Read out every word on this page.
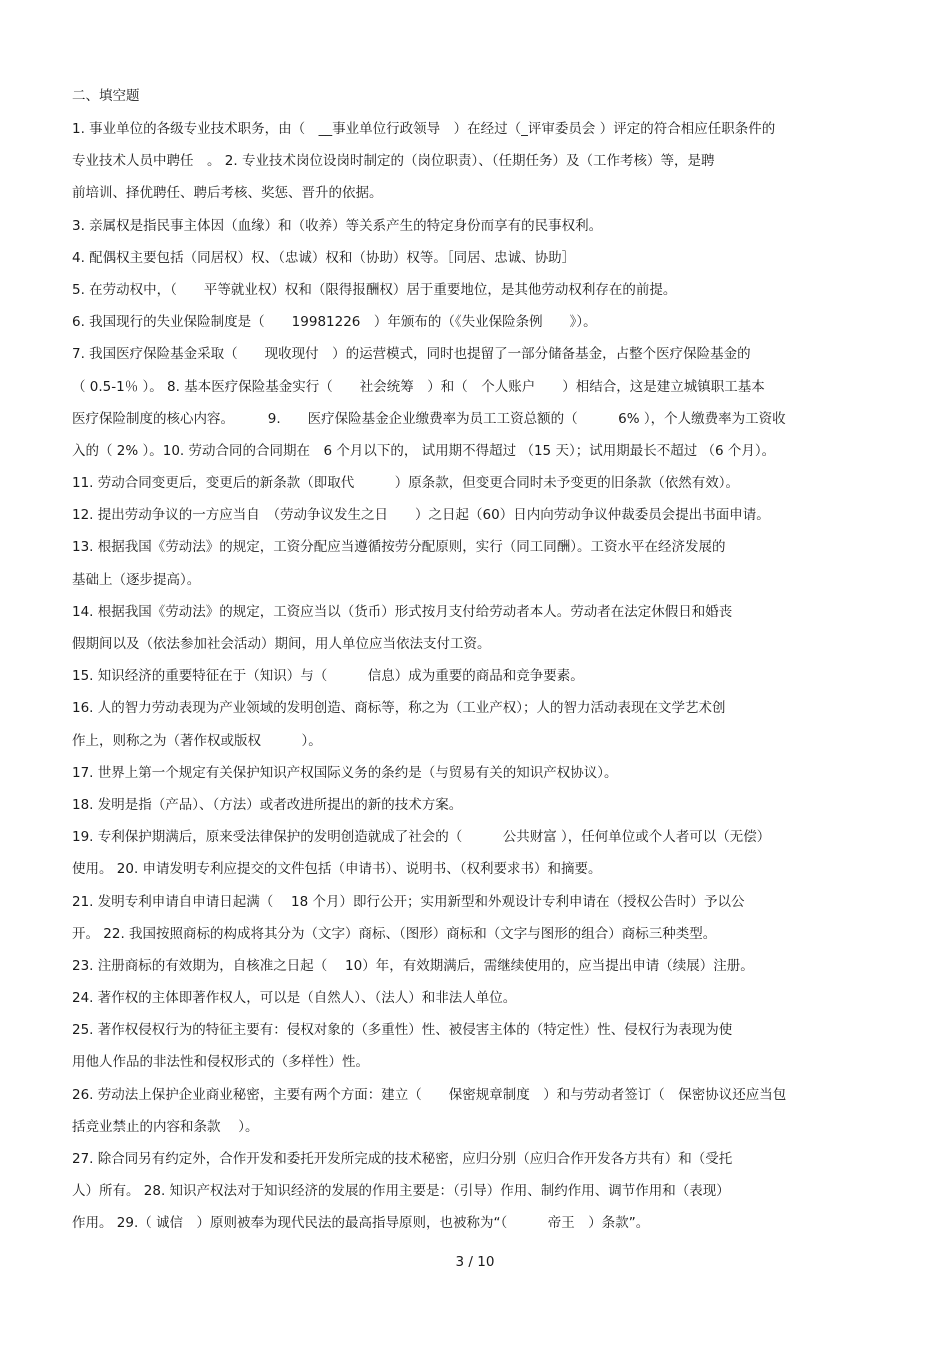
二、填空题
1. 事业单位的各级专业技术职务，由（　__事业单位行政领导　）在经过（_评审委员会 ）评定的符合相应任职条件的
专业技术人员中聘任　。 2. 专业技术岗位设岗时制定的（岗位职责）、（任期任务）及（工作考核）等，是聘
前培训、择优聘任、聘后考核、奖惩、晋升的依据。
3. 亲属权是指民事主体因（血缘）和（收养）等关系产生的特定身份而享有的民事权利。
4. 配偶权主要包括（同居权）权、（忠诚）权和（协助）权等。［同居、忠诚、协助］
5. 在劳动权中，（　　平等就业权）权和（限得报酬权）居于重要地位，是其他劳动权利存在的前提。
6. 我国现行的失业保险制度是（　　19981226　）年颁布的（《失业保险条例　　》）。
7. 我国医疗保险基金采取（　　现收现付　）的运营模式，同时也提留了一部分储备基金，占整个医疗保险基金的
（ 0.5-1％ ）。 8. 基本医疗保险基金实行（　　社会统筹　）和（　个人账户　　）相结合，这是建立城镇职工基本
医疗保险制度的核心内容。　　　9.　　医疗保险基金企业缴费率为员工工资总额的（　　　6% ），个人缴费率为工资收
入的（ 2% ）。10. 劳动合同的合同期在　6 个月以下的， 试用期不得超过 （15 天）；试用期最长不超过 （6 个月）。
11. 劳动合同变更后，变更后的新条款（即取代　　　）原条款，但变更合同时未予变更的旧条款（依然有效）。
12. 提出劳动争议的一方应当自　（劳动争议发生之日　　）之日起（60）日内向劳动争议仲裁委员会提出书面申请。
13. 根据我国《劳动法》的规定，工资分配应当遵循按劳分配原则，实行（同工同酬）。工资水平在经济发展的
基础上（逐步提高）。
14. 根据我国《劳动法》的规定，工资应当以（货币）形式按月支付给劳动者本人。劳动者在法定休假日和婚丧
假期间以及（依法参加社会活动）期间，用人单位应当依法支付工资。
15. 知识经济的重要特征在于（知识）与（　　　信息）成为重要的商品和竞争要素。
16. 人的智力劳动表现为产业领域的发明创造、商标等，称之为（工业产权）；人的智力活动表现在文学艺术创
作上，则称之为（著作权或版权　　　）。
17. 世界上第一个规定有关保护知识产权国际义务的条约是（与贸易有关的知识产权协议）。
18. 发明是指（产品）、（方法）或者改进所提出的新的技术方案。
19. 专利保护期满后，原来受法律保护的发明创造就成了社会的（　　　公共财富 ），任何单位或个人者可以（无偿）
使用。 20. 申请发明专利应提交的文件包括（申请书）、说明书、（权利要求书）和摘要。
21. 发明专利申请自申请日起满（　 18 个月）即行公开；实用新型和外观设计专利申请在（授权公告时）予以公
开。 22. 我国按照商标的构成将其分为（文字）商标、（图形）商标和（文字与图形的组合）商标三种类型。
23. 注册商标的有效期为，自核准之日起（　 10）年，有效期满后，需继续使用的，应当提出申请（续展）注册。
24. 著作权的主体即著作权人，可以是（自然人）、（法人）和非法人单位。
25. 著作权侵权行为的特征主要有：侵权对象的（多重性）性、被侵害主体的（特定性）性、侵权行为表现为使
用他人作品的非法性和侵权形式的（多样性）性。
26. 劳动法上保护企业商业秘密，主要有两个方面：建立（　　保密规章制度　）和与劳动者签订（　保密协议还应当包
括竞业禁止的内容和条款　 ）。
27. 除合同另有约定外，合作开发和委托开发所完成的技术秘密，应归分别（应归合作开发各方共有）和（受托
人）所有。 28. 知识产权法对于知识经济的发展的作用主要是：（引导）作用、制约作用、调节作用和（表现）
作用。 29.（ 诚信　）原则被奉为现代民法的最高指导原则，也被称为“（　　　帝王　）条款”。
3 / 10
